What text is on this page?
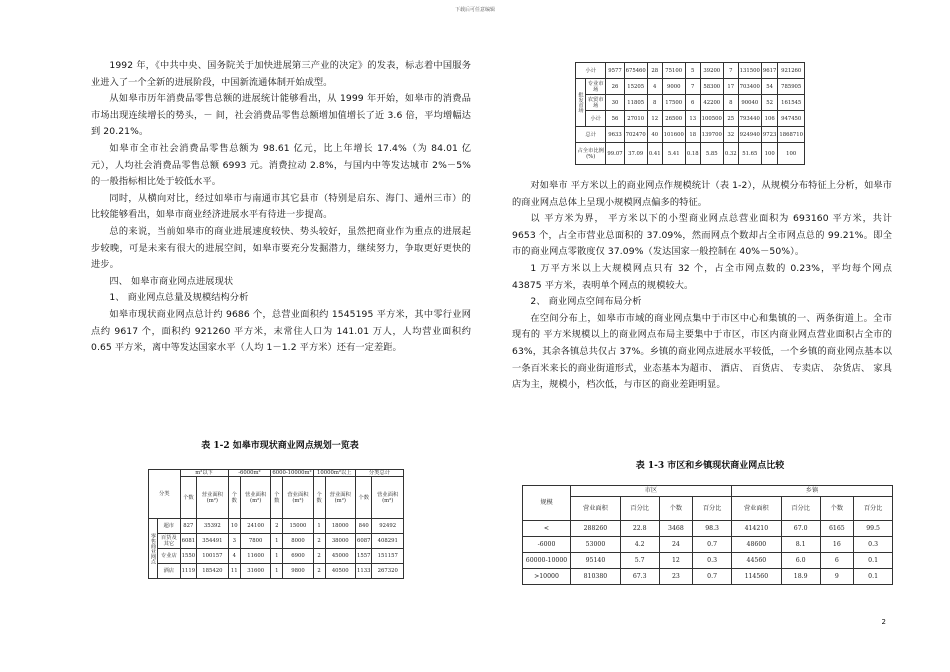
下载后可任意编辑

1992 年，《中共中央、国务院关于加快进展第三产业的决定》的发表，标志着中国服务业进入了一个全新的进展阶段，中国新流通体制开始成型。

从如皋市历年消费品零售总额的进展统计能够看出，从 1999 年开始，如皋市的消费品市场出现连续增长的势头，－ 间，社会消费品零售总额增加值增长了近 3.6 倍，平均增幅达到 20.21%。

如皋市全市社会消费品零售总额为 98.61 亿元，比上年增长 17.4%（为 84.01 亿元），人均社会消费品零售总额 6993 元。消费拉动 2.8%，与国内中等发达城市 2%－5%的一般指标相比处于较低水平。

同时，从横向对比，经过如皋市与南通市其它县市（特别是启东、海门、通州三市）的比较能够看出，如皋市商业经济进展水平有待进一步提高。

总的来说，当前如皋市的商业进展速度较快、势头较好，虽然把商业作为重点的进展起步较晚，可是未来有很大的进展空间，如皋市要充分发掘潜力，继续努力，争取更好更快的进步。

四、 如皋市商业网点进展现状

1、 商业网点总量及规模结构分析

如皋市现状商业网点总计约 9686 个，总营业面积约 1545195 平方米，其中零行业网点约 9617 个，面积约 921260 平方米，末常住人口为 141.01 万人，人均营业面积约 0.65 平方米，离中等发达国家水平（人均 1－1.2 平方米）还有一定差距。

表 1-2 如皋市现状商业网点规划一览表
分类		m²以下		-6000m²		6000-10000m²		10000m²以上		分类总计	
		个数	营业面积(m²)	个数	营业面积(m²)	个数	营业面积(m²)	个数	营业面积(m²)	个数	营业面积(m²)
零售商业网点	超市	827	35392	10	24100	2	15000	1	18000	840	92492
	百货及其它	6081	354491	3	7800	1	8000	2	38000	6087	408291
	专业店	1550	100157	4	11600	1	6900	2	45000	1557	151157
	酒店	1119	185420	11	31600	1	9800	2	40500	1133	267320
小计		9577	675460	28	75100	5	39200	7	131500	9617	921260
批发市场	专业市场	26	15205	4	9000	7	58300	17	703400	54	785905
	农贸市场	30	11805	8	17500	6	42200	8	90040	52	161545
	小计	56	27010	12	26500	13	100500	25	793440	106	947450
总计		9633	702470	40	101600	18	139700	32	924940	9723	1868710
占全市比例(%)		99.07	37.09	0.41	5.41	0.18	5.85	0.32	51.65	100	100

对如皋市 平方米以上的商业网点作规模统计（表 1-2），从规模分布特征上分析，如皋市的商业网点总体上呈现小规模网点偏多的特征。

以 平方米为界， 平方米以下的小型商业网点总营业面积为 693160 平方米，共计 9653 个，占全市营业总面积的 37.09%，然而网点个数却占全市网点总的 99.21%。即全市的商业网点零散度仅 37.09%（发达国家一般控制在 40%－50%）。

1 万平方米以上大规模网点只有 32 个，占全市网点数的 0.23%，平均每个网点 43875 平方米，表明单个网点的规模较大。

2、 商业网点空间布局分析

在空间分布上，如皋市市域的商业网点集中于市区中心和集镇的一、两条街道上。全市现有的 平方米规模以上的商业网点布局主要集中于市区，市区内商业网点营业面积占全市的 63%，其余各镇总共仅占 37%。乡镇的商业网点进展水平较低，一个乡镇的商业网点基本以一条百米来长的商业街道形式，业态基本为超市、 酒店、 百货店、 专卖店、 杂货店、 家具店为主，规模小，档次低，与市区的商业差距明显。

表 1-3 市区和乡镇现状商业网点比较
规模	市区				乡镇			
	营业面积	百分比	个数	百分比	营业面积	百分比	个数	百分比
<	288260	22.8	3468	98.3	414210	67.0	6165	99.5
-6000	53000	4.2	24	0.7	48600	8.1	16	0.3
60000-10000	95140	5.7	12	0.3	44560	6.0	6	0.1
>10000	810380	67.3	23	0.7	114560	18.9	9	0.1
2
